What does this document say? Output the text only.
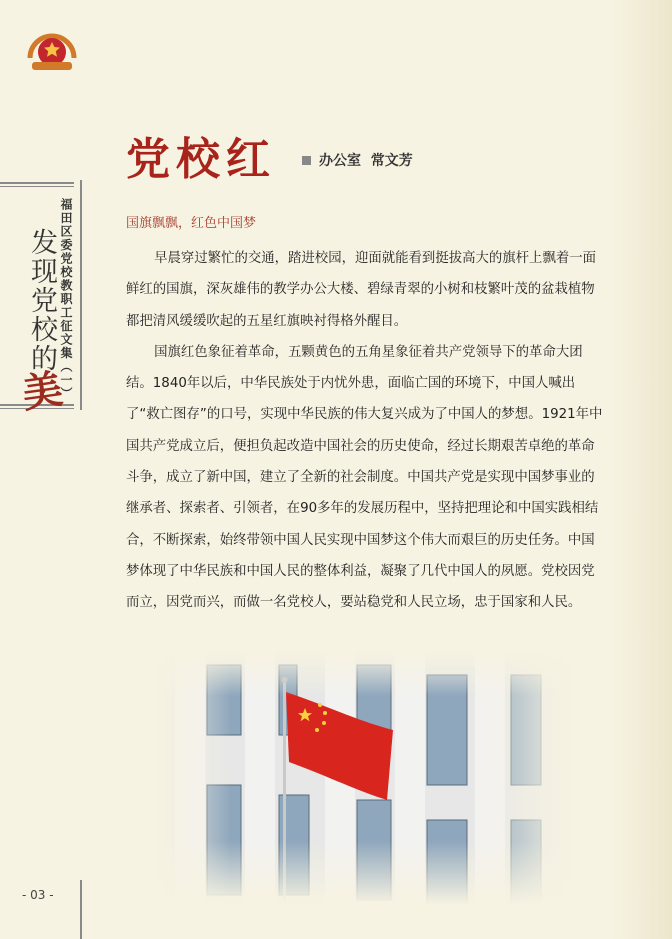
福田区委党校教职工征文集（一）
发现党校的
美
党校红	办公室  常文芳
国旗飘飘，红色中国梦

早晨穿过繁忙的交通，踏进校园，迎面就能看到挺拔高大的旗杆上飘着一面鲜红的国旗，深灰雄伟的教学办公大楼、碧绿青翠的小树和枝繁叶茂的盆栽植物都把清风缓缓吹起的五星红旗映衬得格外醒目。

国旗红色象征着革命，五颗黄色的五角星象征着共产党领导下的革命大团结。1840年以后，中华民族处于内忧外患，面临亡国的环境下，中国人喊出了“救亡图存”的口号，实现中华民族的伟大复兴成为了中国人的梦想。1921年中国共产党成立后，便担负起改造中国社会的历史使命，经过长期艰苦卓绝的革命斗争，成立了新中国，建立了全新的社会制度。中国共产党是实现中国梦事业的继承者、探索者、引领者，在90多年的发展历程中，坚持把理论和中国实践相结合，不断探索，始终带领中国人民实现中国梦这个伟大而艰巨的历史任务。中国梦体现了中华民族和中国人民的整体利益，凝聚了几代中国人的夙愿。党校因党而立，因党而兴，而做一名党校人，要站稳党和人民立场，忠于国家和人民。

- 03 -
